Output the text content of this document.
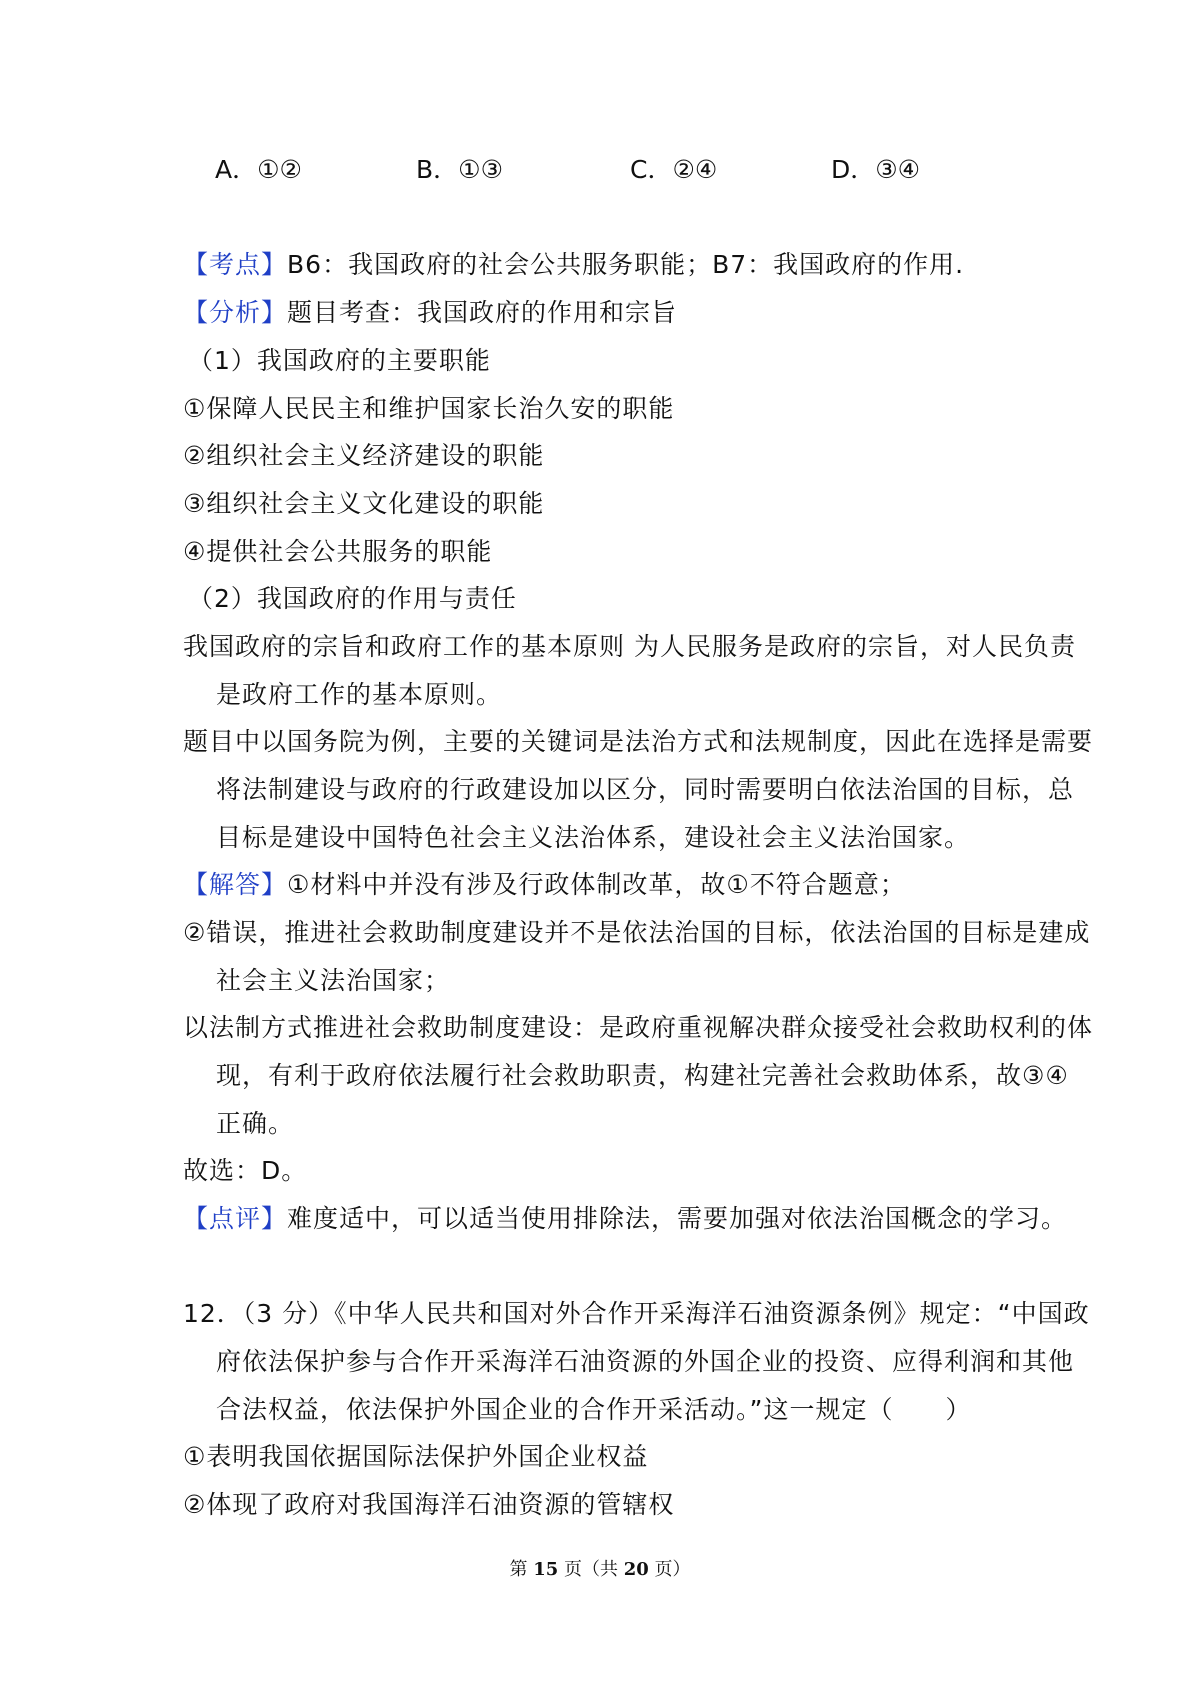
A．①②	B．①③	C．②④	D．③④
【考点】B6：我国政府的社会公共服务职能；B7：我国政府的作用.
【分析】题目考查：我国政府的作用和宗旨
（1）我国政府的主要职能
①保障人民民主和维护国家长治久安的职能
②组织社会主义经济建设的职能
③组织社会主义文化建设的职能
④提供社会公共服务的职能
（2）我国政府的作用与责任
我国政府的宗旨和政府工作的基本原则 为人民服务是政府的宗旨，对人民负责
是政府工作的基本原则。
题目中以国务院为例，主要的关键词是法治方式和法规制度，因此在选择是需要
将法制建设与政府的行政建设加以区分，同时需要明白依法治国的目标，总
目标是建设中国特色社会主义法治体系，建设社会主义法治国家。
【解答】①材料中并没有涉及行政体制改革，故①不符合题意；
②错误，推进社会救助制度建设并不是依法治国的目标，依法治国的目标是建成
社会主义法治国家；
以法制方式推进社会救助制度建设：是政府重视解决群众接受社会救助权利的体
现，有利于政府依法履行社会救助职责，构建社完善社会救助体系，故③④
正确。
故选：D。
【点评】难度适中，可以适当使用排除法，需要加强对依法治国概念的学习。
12．（3 分）《中华人民共和国对外合作开采海洋石油资源条例》规定：“中国政
府依法保护参与合作开采海洋石油资源的外国企业的投资、应得利润和其他
合法权益，依法保护外国企业的合作开采活动。”这一规定（　　）
①表明我国依据国际法保护外国企业权益
②体现了政府对我国海洋石油资源的管辖权
第 15 页（共 20 页）
